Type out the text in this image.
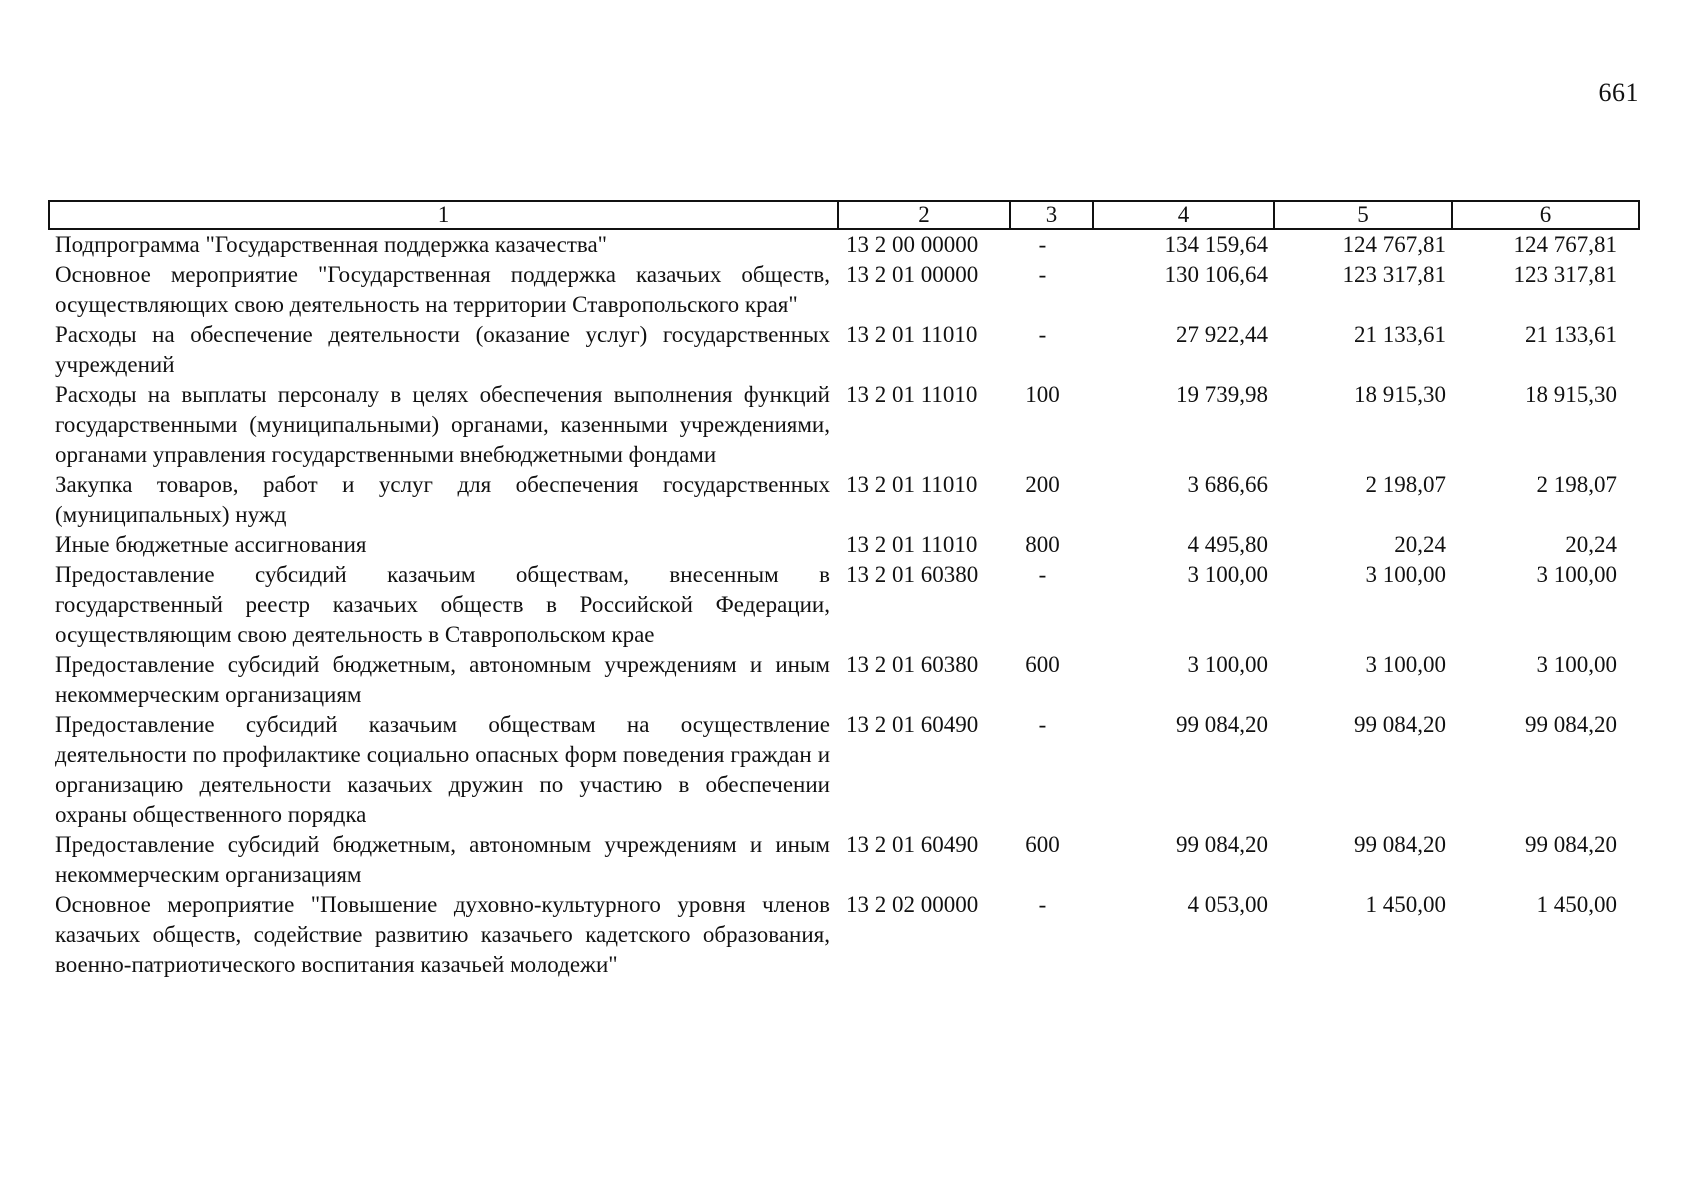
661
1	2	3	4	5	6
Подпрограмма "Государственная поддержка казачества"	13 2 00 00000	-	134 159,64	124 767,81	124 767,81
Основное мероприятие "Государственная поддержка казачьих обществ, осуществляющих свою деятельность на территории Ставропольского края"	13 2 01 00000	-	130 106,64	123 317,81	123 317,81
Расходы на обеспечение деятельности (оказание услуг) государственных учреждений	13 2 01 11010	-	27 922,44	21 133,61	21 133,61
Расходы на выплаты персоналу в целях обеспечения выполнения функций государственными (муниципальными) органами, казенными учреждениями, органами управления государственными внебюджетными фондами	13 2 01 11010	100	19 739,98	18 915,30	18 915,30
Закупка товаров, работ и услуг для обеспечения государственных (муниципальных) нужд	13 2 01 11010	200	3 686,66	2 198,07	2 198,07
Иные бюджетные ассигнования	13 2 01 11010	800	4 495,80	20,24	20,24
Предоставление субсидий казачьим обществам, внесенным в государственный реестр казачьих обществ в Российской Федерации, осуществляющим свою деятельность в Ставропольском крае	13 2 01 60380	-	3 100,00	3 100,00	3 100,00
Предоставление субсидий бюджетным, автономным учреждениям и иным некоммерческим организациям	13 2 01 60380	600	3 100,00	3 100,00	3 100,00
Предоставление субсидий казачьим обществам на осуществление деятельности по профилактике социально опасных форм поведения граждан и организацию деятельности казачьих дружин по участию в обеспечении охраны общественного порядка	13 2 01 60490	-	99 084,20	99 084,20	99 084,20
Предоставление субсидий бюджетным, автономным учреждениям и иным некоммерческим организациям	13 2 01 60490	600	99 084,20	99 084,20	99 084,20
Основное мероприятие "Повышение духовно-культурного уровня членов казачьих обществ, содействие развитию казачьего кадетского образования, военно-патриотического воспитания казачьей молодежи"	13 2 02 00000	-	4 053,00	1 450,00	1 450,00
